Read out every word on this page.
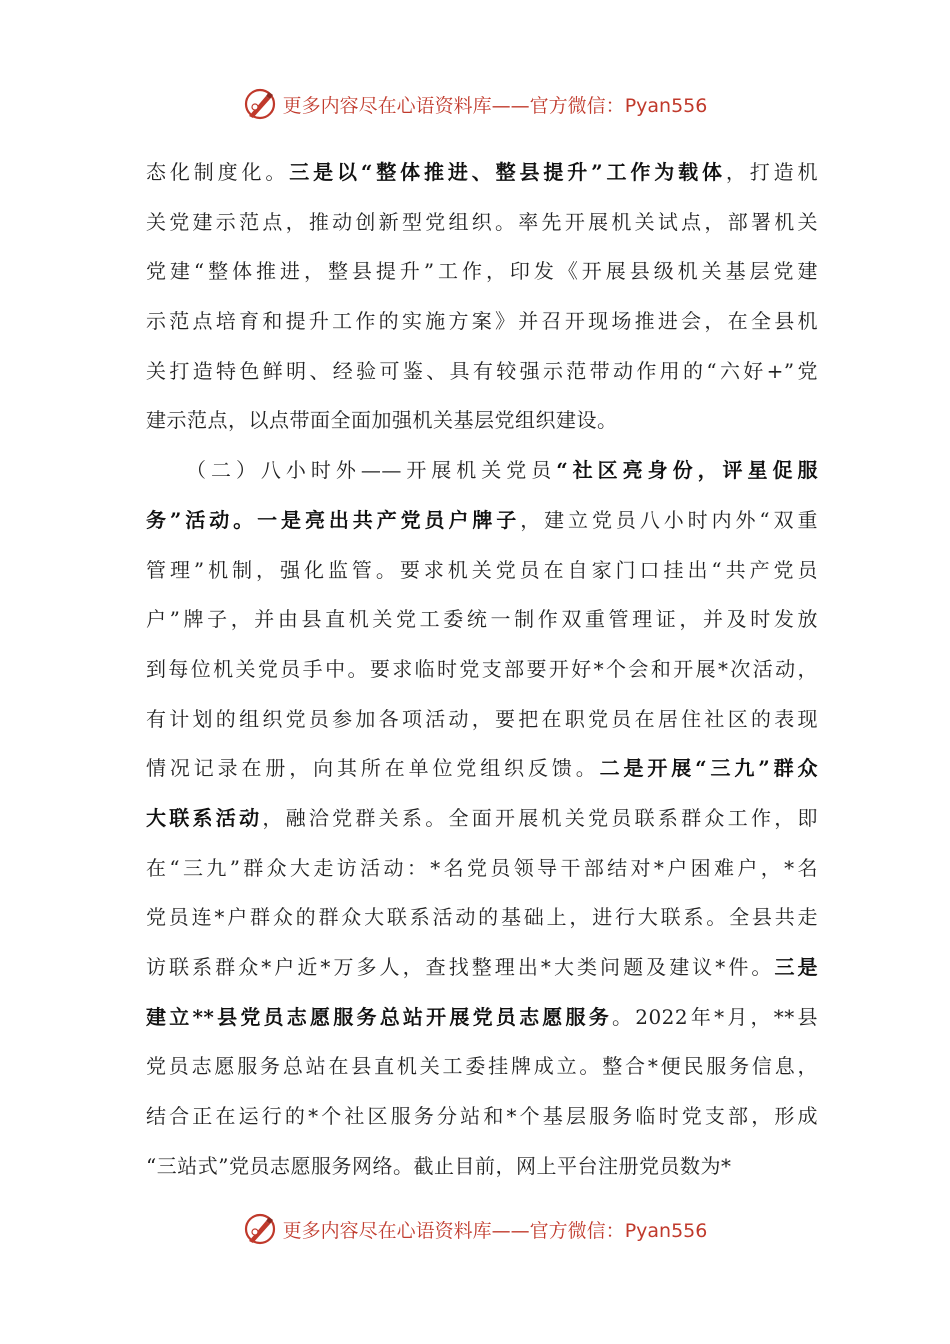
更多内容尽在心语资料库——官方微信：Pyan556
态化制度化。三是以“整体推进、整县提升”工作为载体，打造机
关党建示范点，推动创新型党组织。率先开展机关试点，部署机关
党建“整体推进，整县提升”工作，印发《开展县级机关基层党建
示范点培育和提升工作的实施方案》并召开现场推进会，在全县机
关打造特色鲜明、经验可鉴、具有较强示范带动作用的“六好+”党
建示范点，以点带面全面加强机关基层党组织建设。
（二）八小时外——开展机关党员“社区亮身份，评星促服
务”活动。一是亮出共产党员户牌子，建立党员八小时内外“双重
管理”机制，强化监管。要求机关党员在自家门口挂出“共产党员
户”牌子，并由县直机关党工委统一制作双重管理证，并及时发放
到每位机关党员手中。要求临时党支部要开好*个会和开展*次活动，
有计划的组织党员参加各项活动，要把在职党员在居住社区的表现
情况记录在册，向其所在单位党组织反馈。二是开展“三九”群众
大联系活动，融洽党群关系。全面开展机关党员联系群众工作，即
在“三九”群众大走访活动：*名党员领导干部结对*户困难户，*名
党员连*户群众的群众大联系活动的基础上，进行大联系。全县共走
访联系群众*户近*万多人，查找整理出*大类问题及建议*件。三是
建立**县党员志愿服务总站开展党员志愿服务。2022年*月，**县
党员志愿服务总站在县直机关工委挂牌成立。整合*便民服务信息，
结合正在运行的*个社区服务分站和*个基层服务临时党支部，形成
“三站式”党员志愿服务网络。截止目前，网上平台注册党员数为*
更多内容尽在心语资料库——官方微信：Pyan556
